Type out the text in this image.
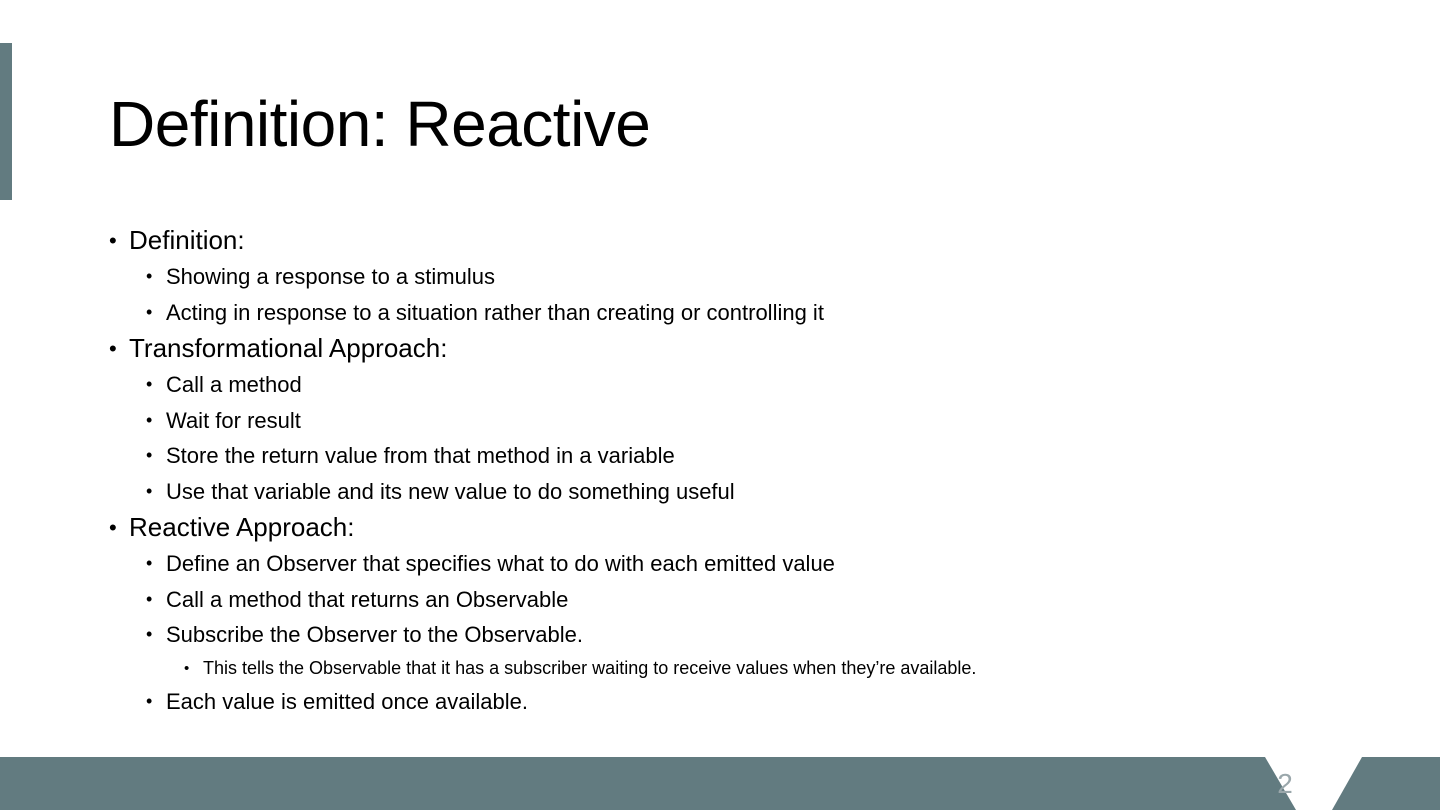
Definition: Reactive
• Definition:
• Showing a response to a stimulus
• Acting in response to a situation rather than creating or controlling it
• Transformational Approach:
• Call a method
• Wait for result
• Store the return value from that method in a variable
• Use that variable and its new value to do something useful
• Reactive Approach:
• Define an Observer that specifies what to do with each emitted value
• Call a method that returns an Observable
• Subscribe the Observer to the Observable.
• This tells the Observable that it has a subscriber waiting to receive values when they’re available.
• Each value is emitted once available.
2
